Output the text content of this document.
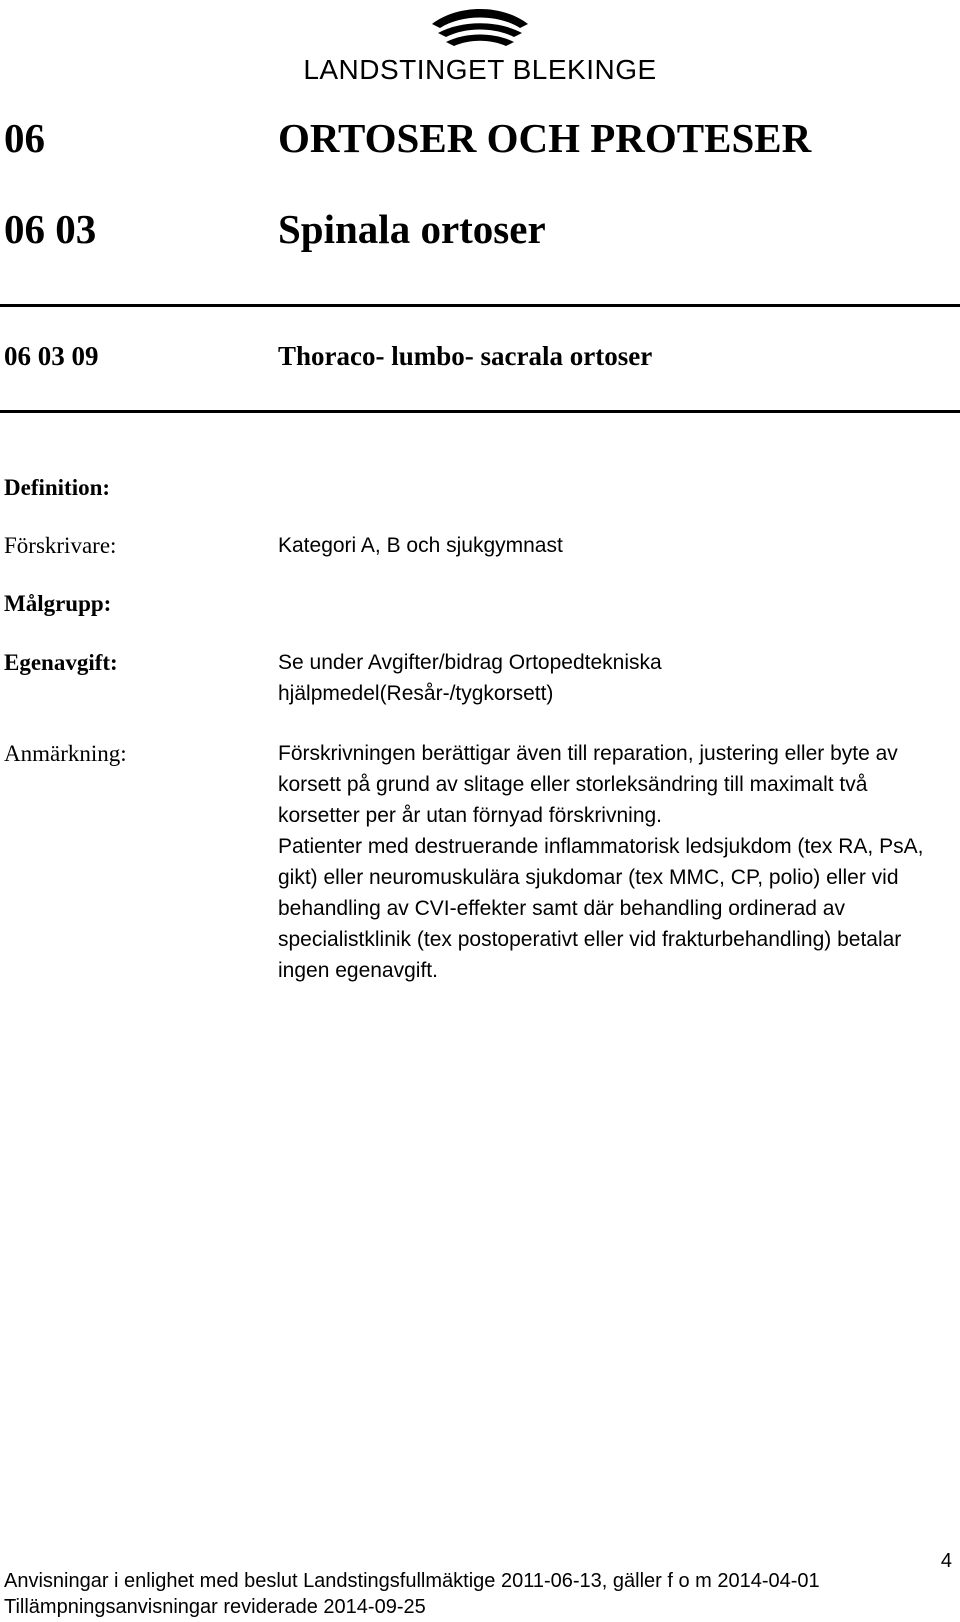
LANDSTINGET BLEKINGE
06	ORTOSER OCH PROTESER
06 03	Spinala ortoser
06 03 09	Thoraco- lumbo- sacrala ortoser
Definition:
Förskrivare:	Kategori A, B och sjukgymnast
Målgrupp:
Egenavgift:	Se under Avgifter/bidrag Ortopedtekniska hjälpmedel(Resår-/tygkorsett)
Anmärkning:	Förskrivningen berättigar även till reparation, justering eller byte av korsett på grund av slitage eller storleksändring till maximalt två korsetter per år utan förnyad förskrivning.
Patienter med destruerande inflammatorisk ledsjukdom (tex RA, PsA, gikt) eller neuromuskulära sjukdomar (tex MMC, CP, polio) eller vid behandling av CVI-effekter samt där behandling ordinerad av specialistklinik (tex postoperativt eller vid frakturbehandling) betalar ingen egenavgift.
4
Anvisningar i enlighet med beslut Landstingsfullmäktige 2011-06-13, gäller f o m 2014-04-01
Tillämpningsanvisningar reviderade 2014-09-25
